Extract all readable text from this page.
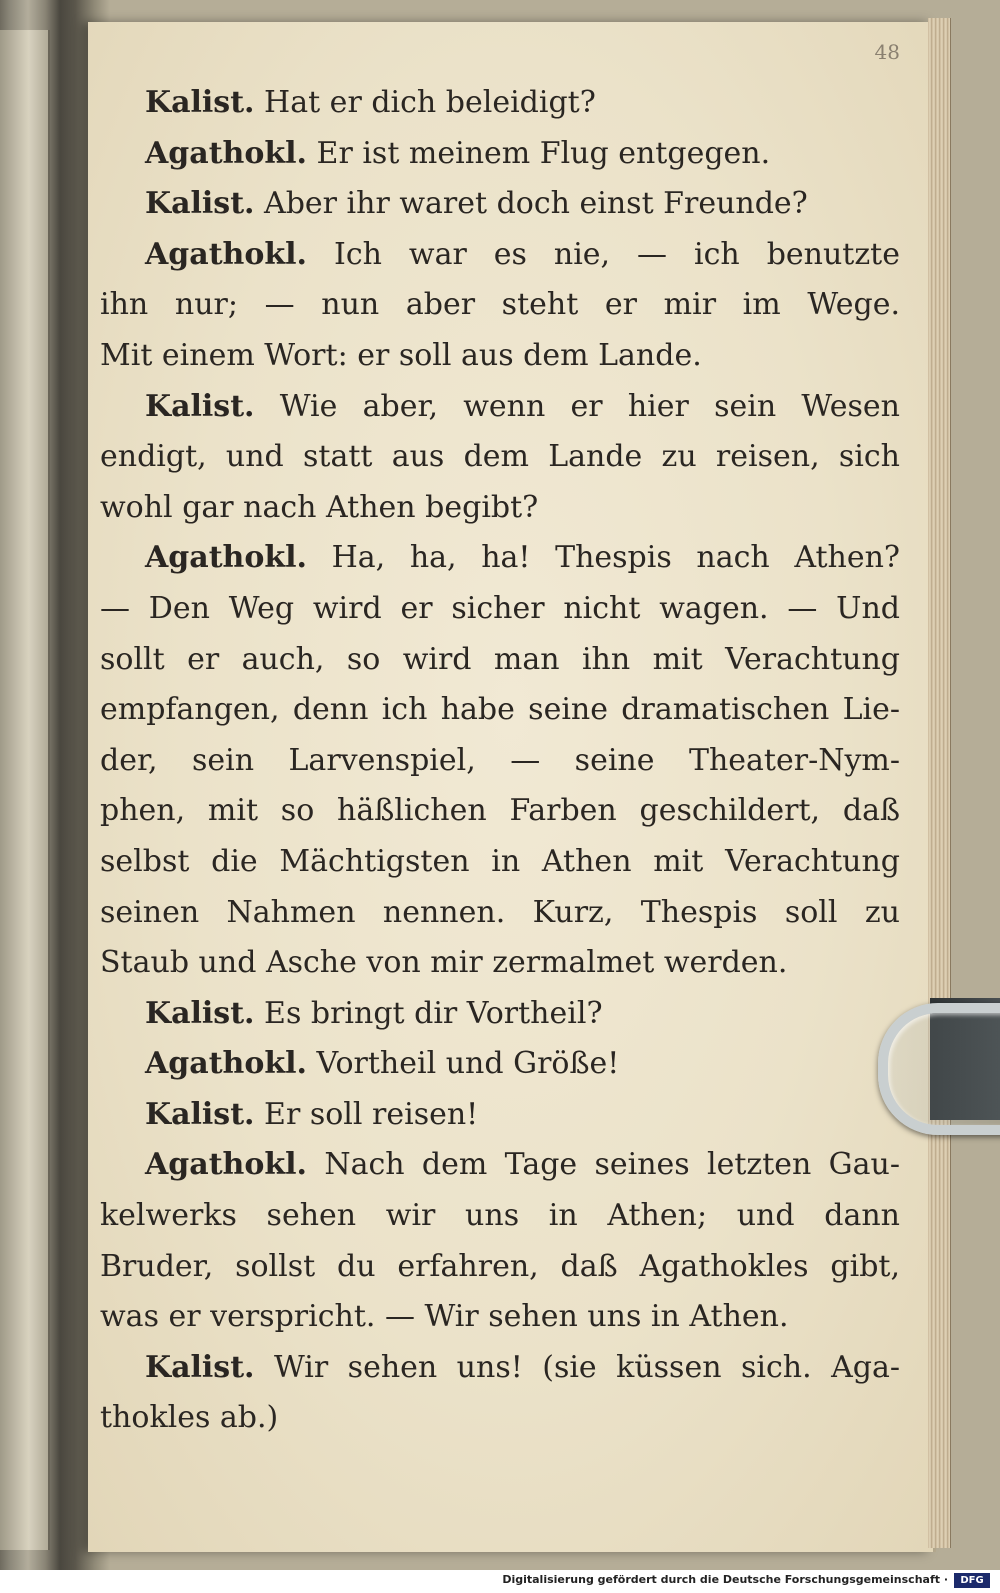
48
Kalist. Hat er dich beleidigt?
Agathokl. Er ist meinem Flug entgegen.
Kalist. Aber ihr waret doch einst Freunde?
Agathokl. Ich war es nie, — ich benutzte
ihn nur; — nun aber steht er mir im Wege.
Mit einem Wort: er soll aus dem Lande.
Kalist. Wie aber, wenn er hier sein Wesen
endigt, und statt aus dem Lande zu reisen, sich
wohl gar nach Athen begibt?
Agathokl. Ha, ha, ha! Thespis nach Athen?
— Den Weg wird er sicher nicht wagen. — Und
sollt er auch, so wird man ihn mit Verachtung
empfangen, denn ich habe seine dramatischen Lie-
der, sein Larvenspiel, — seine Theater-Nym-
phen, mit so häßlichen Farben geschildert, daß
selbst die Mächtigsten in Athen mit Verachtung
seinen Nahmen nennen. Kurz, Thespis soll zu
Staub und Asche von mir zermalmet werden.
Kalist. Es bringt dir Vortheil?
Agathokl. Vortheil und Größe!
Kalist. Er soll reisen!
Agathokl. Nach dem Tage seines letzten Gau-
kelwerks sehen wir uns in Athen; und dann
Bruder, sollst du erfahren, daß Agathokles gibt,
was er verspricht. — Wir sehen uns in Athen.
Kalist. Wir sehen uns! (sie küssen sich. Aga-
thokles ab.)
Digitalisierung gefördert durch die Deutsche Forschungsgemeinschaft ·	DFG
